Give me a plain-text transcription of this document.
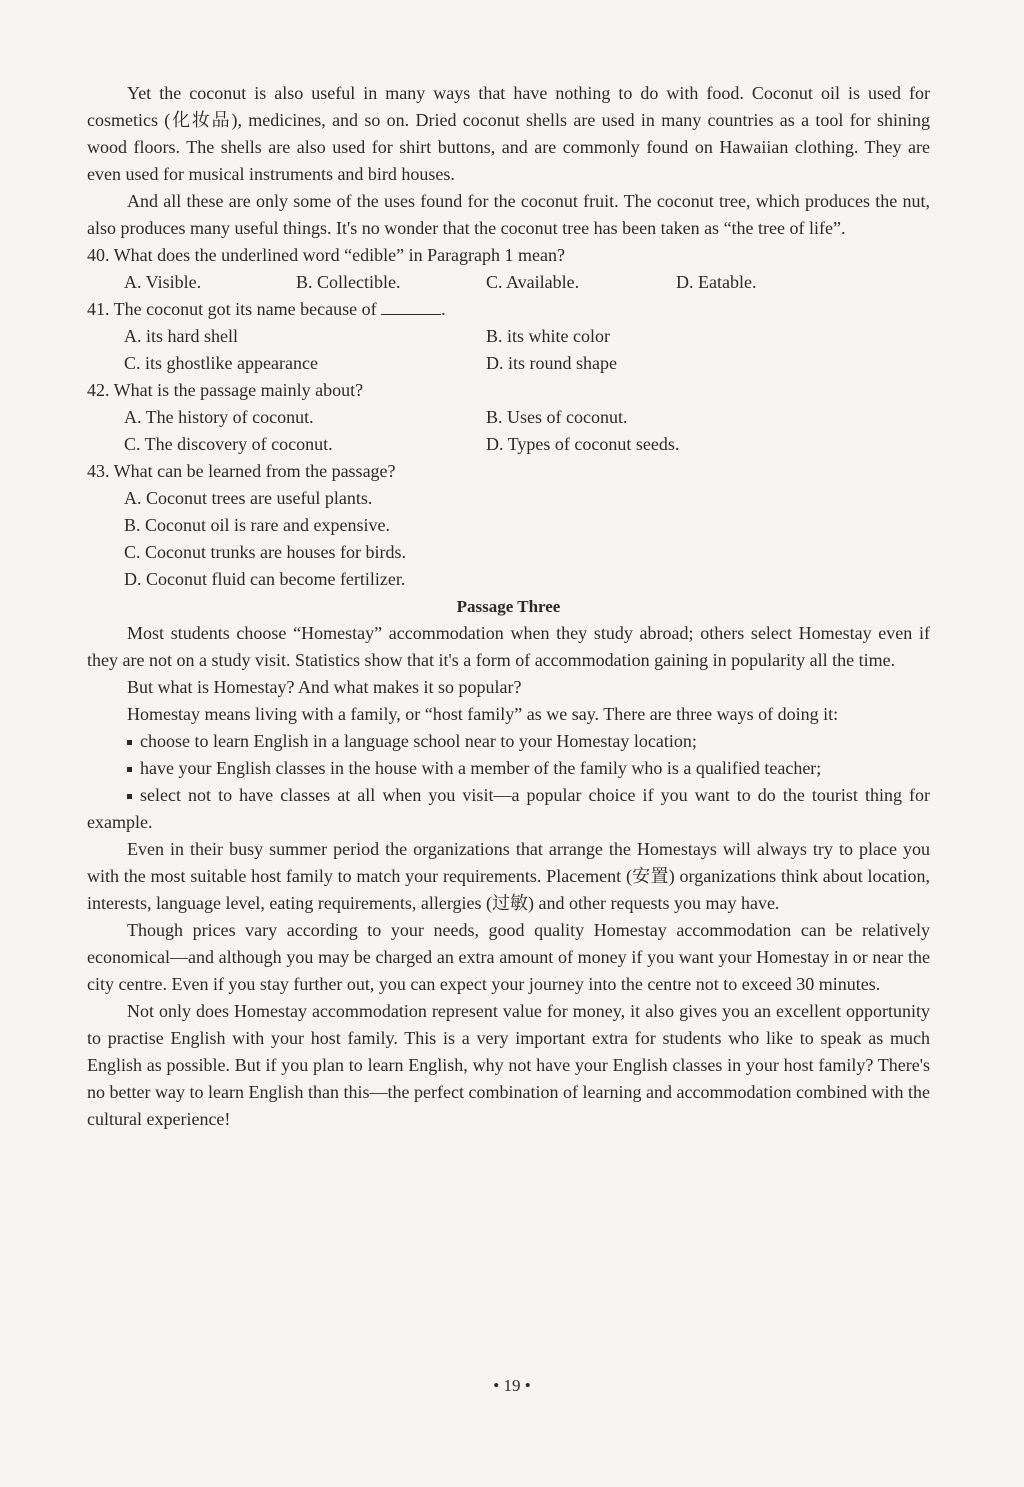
Yet the coconut is also useful in many ways that have nothing to do with food. Coconut oil is used for cosmetics (化妆品), medicines, and so on. Dried coconut shells are used in many countries as a tool for shining wood floors. The shells are also used for shirt buttons, and are commonly found on Hawaiian clothing. They are even used for musical instruments and bird houses.

And all these are only some of the uses found for the coconut fruit. The coconut tree, which produces the nut, also produces many useful things. It's no wonder that the coconut tree has been taken as “the tree of life”.

40. What does the underlined word “edible” in Paragraph 1 mean?

A. Visible.	B. Collectible.	C. Available.	D. Eatable.

41. The coconut got its name because of	.

A. its hard shell	B. its white color
C. its ghostlike appearance	D. its round shape

42. What is the passage mainly about?

A. The history of coconut.	B. Uses of coconut.
C. The discovery of coconut.	D. Types of coconut seeds.

43. What can be learned from the passage?

A. Coconut trees are useful plants.
B. Coconut oil is rare and expensive.
C. Coconut trunks are houses for birds.
D. Coconut fluid can become fertilizer.

Passage Three

Most students choose “Homestay” accommodation when they study abroad; others select Homestay even if they are not on a study visit. Statistics show that it's a form of accommodation gaining in popularity all the time.

But what is Homestay? And what makes it so popular?

Homestay means living with a family, or “host family” as we say. There are three ways of doing it:

choose to learn English in a language school near to your Homestay location;

have your English classes in the house with a member of the family who is a qualified teacher;

select not to have classes at all when you visit—a popular choice if you want to do the tourist thing for example.

Even in their busy summer period the organizations that arrange the Homestays will always try to place you with the most suitable host family to match your requirements. Placement (安置) organizations think about location, interests, language level, eating requirements, allergies (过敏) and other requests you may have.

Though prices vary according to your needs, good quality Homestay accommodation can be relatively economical—and although you may be charged an extra amount of money if you want your Homestay in or near the city centre. Even if you stay further out, you can expect your journey into the centre not to exceed 30 minutes.

Not only does Homestay accommodation represent value for money, it also gives you an excellent opportunity to practise English with your host family. This is a very important extra for students who like to speak as much English as possible. But if you plan to learn English, why not have your English classes in your host family? There's no better way to learn English than this—the perfect combination of learning and accommodation combined with the cultural experience!

• 19 •
